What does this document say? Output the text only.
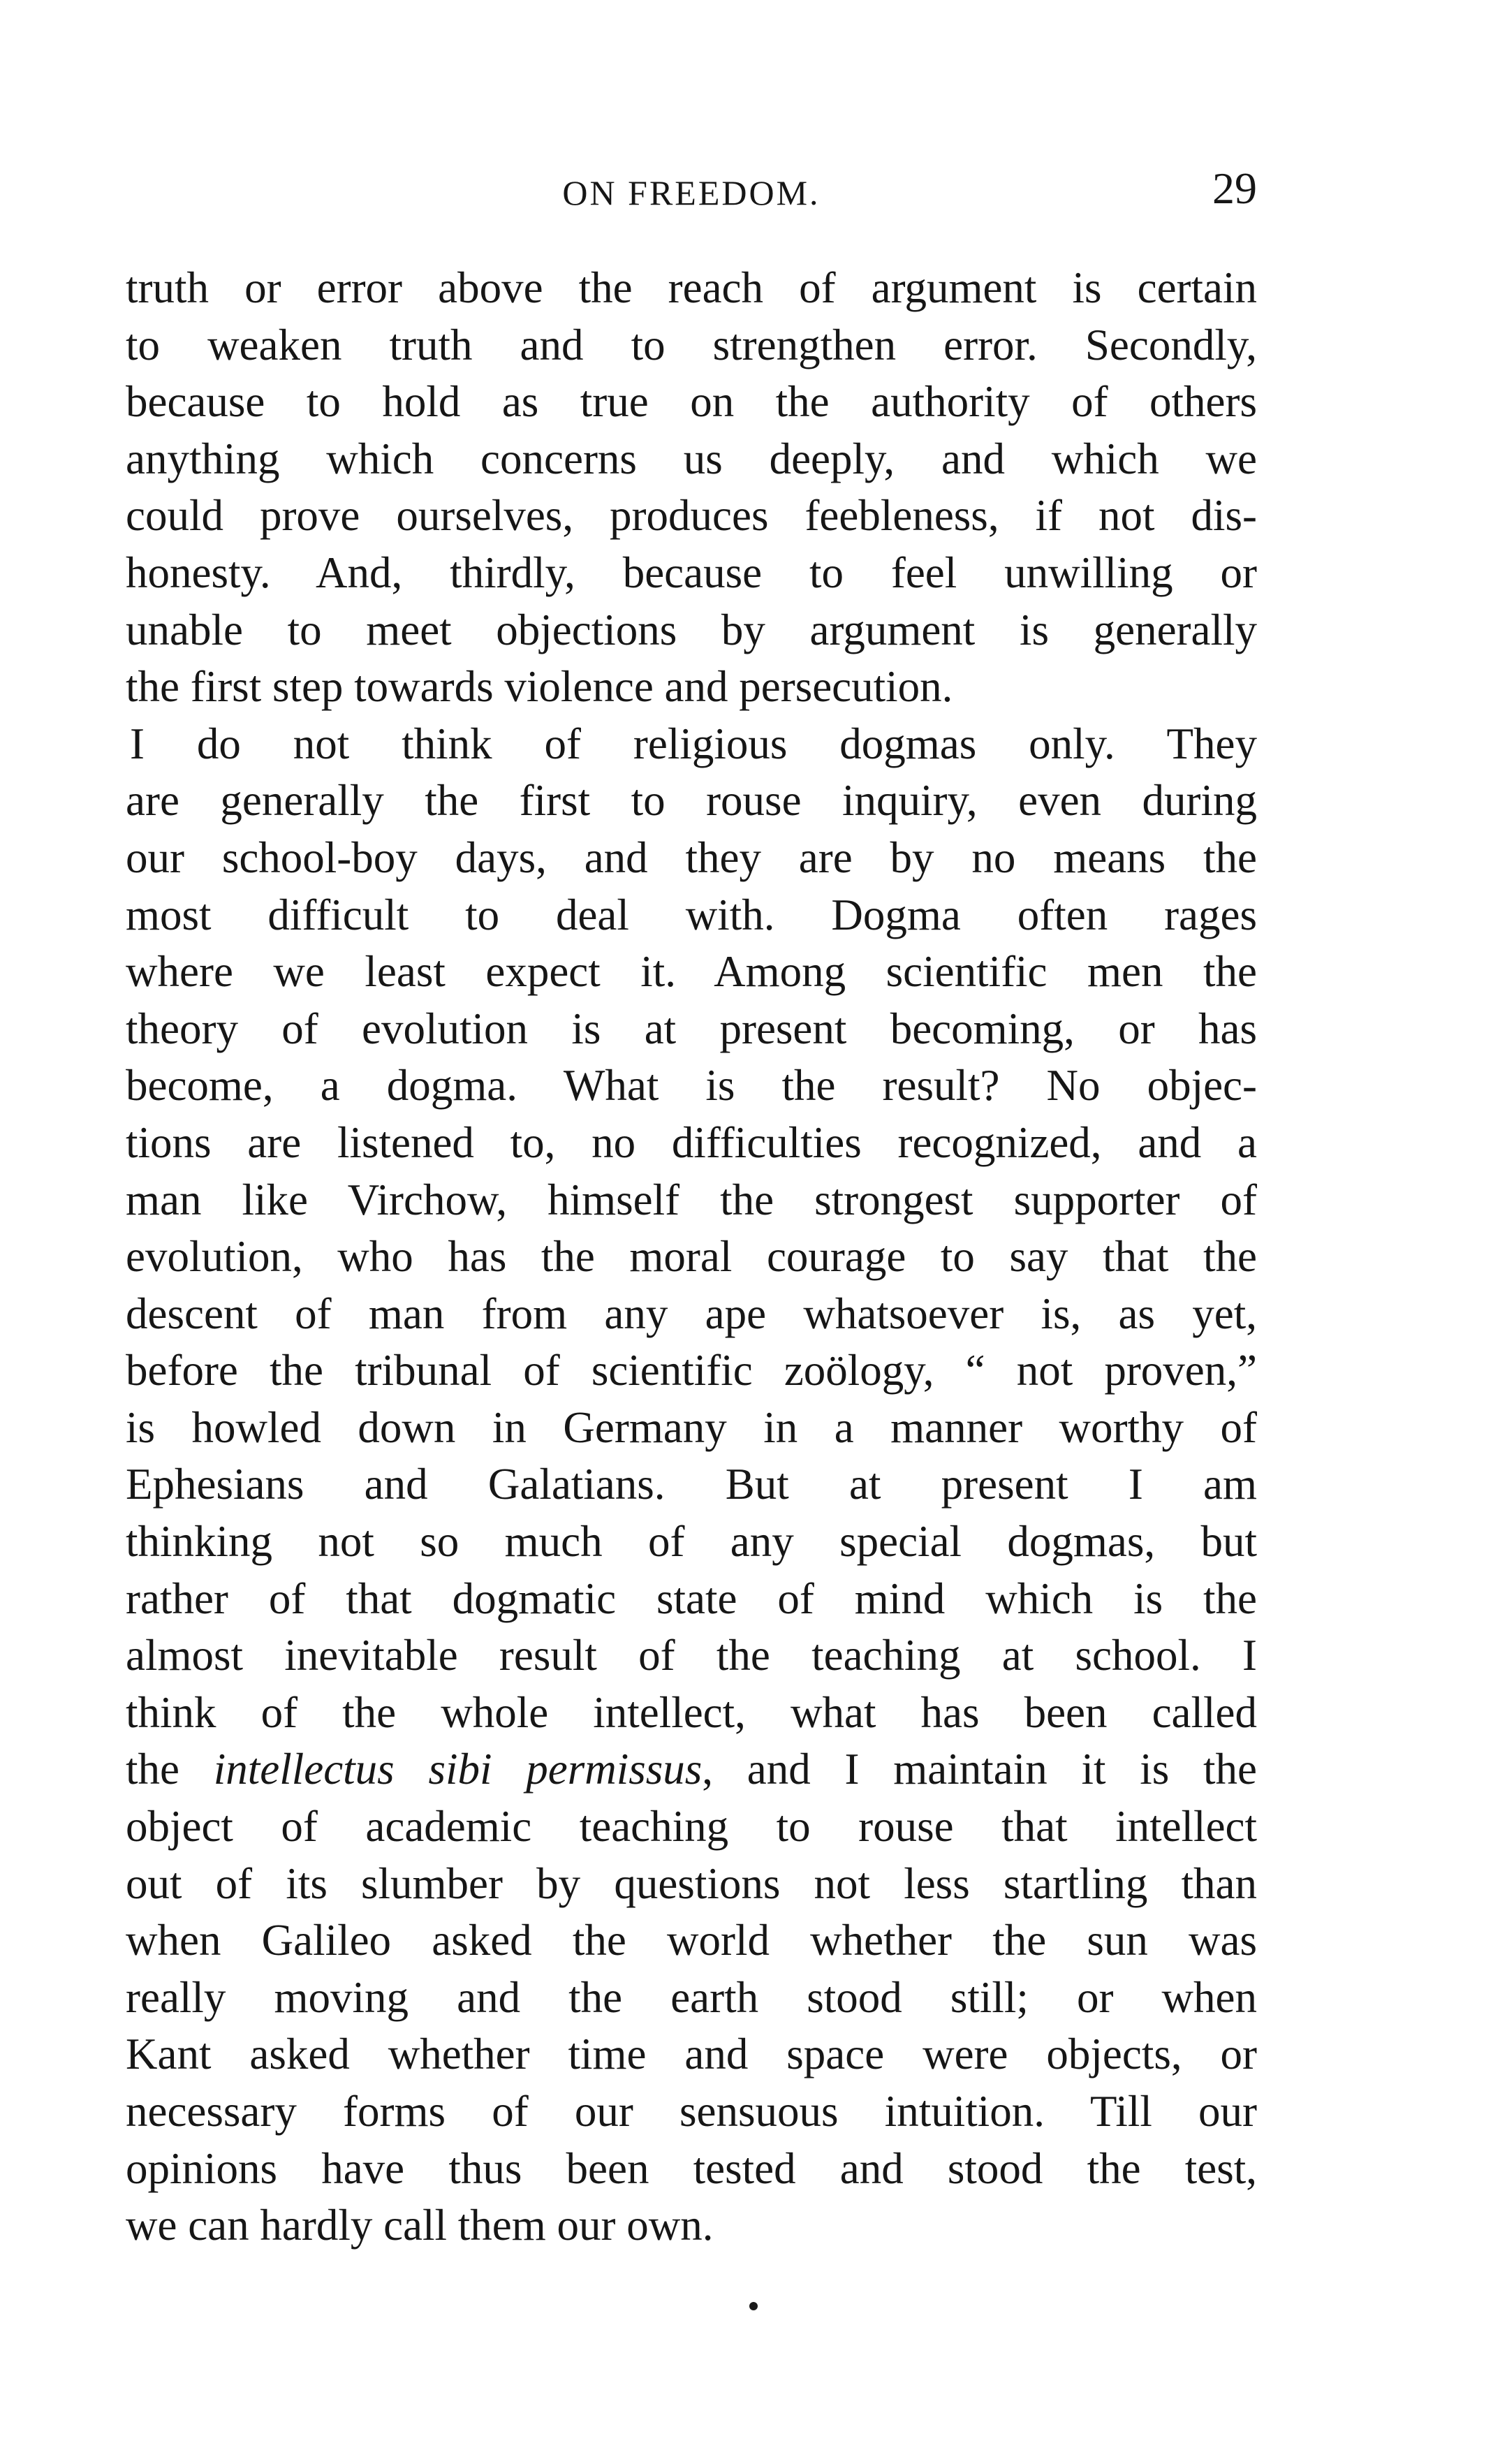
ON FREEDOM.	29
truth or error above the reach of argument is certain
to weaken truth and to strengthen error. Secondly,
because to hold as true on the authority of others
anything which concerns us deeply, and which we
could prove ourselves, produces feebleness, if not dis-
honesty. And, thirdly, because to feel unwilling or
unable to meet objections by argument is generally
the first step towards violence and persecution.
I do not think of religious dogmas only. They
are generally the first to rouse inquiry, even during
our school-boy days, and they are by no means the
most difficult to deal with. Dogma often rages
where we least expect it. Among scientific men the
theory of evolution is at present becoming, or has
become, a dogma. What is the result? No objec-
tions are listened to, no difficulties recognized, and a
man like Virchow, himself the strongest supporter of
evolution, who has the moral courage to say that the
descent of man from any ape whatsoever is, as yet,
before the tribunal of scientific zoölogy, “ not proven,”
is howled down in Germany in a manner worthy of
Ephesians and Galatians. But at present I am
thinking not so much of any special dogmas, but
rather of that dogmatic state of mind which is the
almost inevitable result of the teaching at school. I
think of the whole intellect, what has been called
the intellectus sibi permissus, and I maintain it is the
object of academic teaching to rouse that intellect
out of its slumber by questions not less startling than
when Galileo asked the world whether the sun was
really moving and the earth stood still; or when
Kant asked whether time and space were objects, or
necessary forms of our sensuous intuition. Till our
opinions have thus been tested and stood the test,
we can hardly call them our own.
